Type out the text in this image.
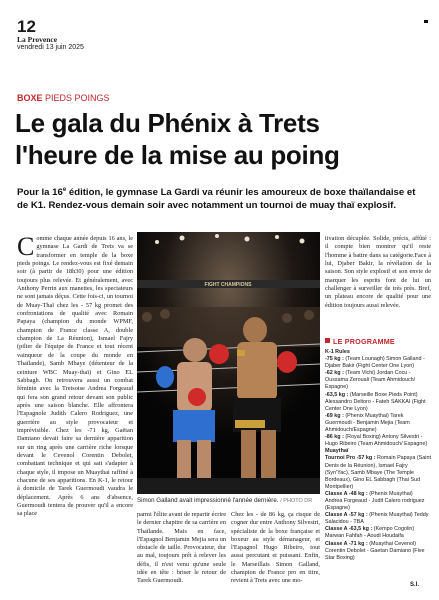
12
La Provence
vendredi 13 juin 2025
BOXE PIEDS POINGS
Le gala du Phénix à Trets
l'heure de la mise au poing
Pour la 16e édition, le gymnase La Gardi va réunir les amoureux de boxe thaïlandaise et de K1. Rendez-vous demain soir avec notamment un tournoi de muay thaï explosif.
Comme chaque année depuis 16 ans, le gymnase La Gardi de Trets va se transformer en temple de la boxe pieds poings. Le rendez-vous est fixé demain soir (à partir de 18h30) pour une édition toujours plus relevée. Et généralement, avec Anthony Perrin aux manettes, les spectateurs ne sont jamais déçus. Cette fois-ci, un tournoi de Muay-Thaï chez les - 57 kg promet des confrontations de qualité avec Romain Papaya (champion du monde WPMF, champion de France classe A, double champion de La Réunion), Ismael Fajry (pilier de l'équipe de France et tout récent vainqueur de la coupe du monde en Thaïlande), Samb Mbaye (détenteur de la ceinture WBC Muay-thaï) et Gino EL Sabbagh. On retrouvera aussi un combat féminin avec la Tretsoise Andrea Forgeaud qui fera son grand retour devant son public après une saison blanche. Elle affrontera l'Espagnole Judith Calero Rodriguez, une guerrière au style provocateur et imprévisible. Chez les -71 kg, Gaëtan Damiano devait faire sa dernière apparition sur un ring après une carrière riche lorsque devant le Cevenol Corentin Debolet, combattant technique et qui sait s'adapter à chaque style, il impose un Muaythai raffiné à chacune de ses apparitions. En K-1, le retour à domicile de Tarek Guermoudi vaudra le déplacement. Après 6 ans d'absence, Guermoudi tentera de prouver qu'il a encore sa place
FIGHT CHAMPIONS
Simon Galland avait impressionné l'année dernière. / PHOTO DR
parmi l'élite avant de repartir écrire le dernier chapitre de sa carrière en Thaïlande. Mais en face, l'Espagnol Benjamin Mejia sera un obstacle de taille. Provocateur, dur au mal, toujours prêt à relever les défis, il n'est venu qu'une seule idée en tête : briser le retour de Tarek Guermoudi.
Chez les - de 86 kg, ça risque de cogner dur entre Anthony Silvestri, spécialiste de la boxe française et boxeur au style démanageur, et l'Espagnol Hugo Ribeiro, tout aussi percutant et puissant. Enfin, le Marseillais Simon Galland, champion de France pro en titre, revient à Trets avec une mo-
tivation décuplée. Solide, précis, affûté : il compte bien montrer qu'il reste l'homme à battre dans sa catégorie.Face à lui, Djaber Bakir, la révélation de la saison. Son style explosif et son envie de marquer les esprits font de lui un challenger à surveiller de très près. Bref, un plateau encore de qualité pour une édition toujours aussi relevée.
LE PROGRAMME
K-1 Rules

-75 kg : (Team Lounagh) Simon Galland - Djaber Bakir (Fight Center One Lyon)

-62 kg : (Team Vichi) Jordan Cocu - Oussama Zerouali (Team Ahmidouch/ Espagne)

-63,5 kg : (Marseille Boxe Pieds Point) Alessandro Deltoro - Fateh SAKKAI (Fight Center One Lyon)

-69 kg : (Phenix Muaythai) Tarek Guermoudi - Benjamin Mejia (Team Ahmidouch/Espagne)

-86 kg : (Royal Boxing) Antony Silvestri - Hugo Ribeiro (Team Ahmidouch/ Espagne)

Muaythaï

Tournoi Pro -57 kg : Romain Papaya (Saint Denis de la Réunion), Ismael Fajry (Syn'Yac), Samb Mbaye (The Temple Bordeaux), Gino EL Sabbagh (Thai Sud Montpellier)

Classe A -48 kg : (Phenix Muaythai) Andrea Forgeaud - Judit Calero rodriguez (Espagne)

Classe A -57 kg : (Phenix Muaythai) Teddy Salacidou - TBA

Classe A -63,5 kg : (Kempo Cogolin) Marwan Fahfah - Aoudi Houdaifa

Classe A -71 kg : (Muaythai Cevenol) Corentin Debolet - Gaetan Damiano (Five Star Boxing)

S.I.
